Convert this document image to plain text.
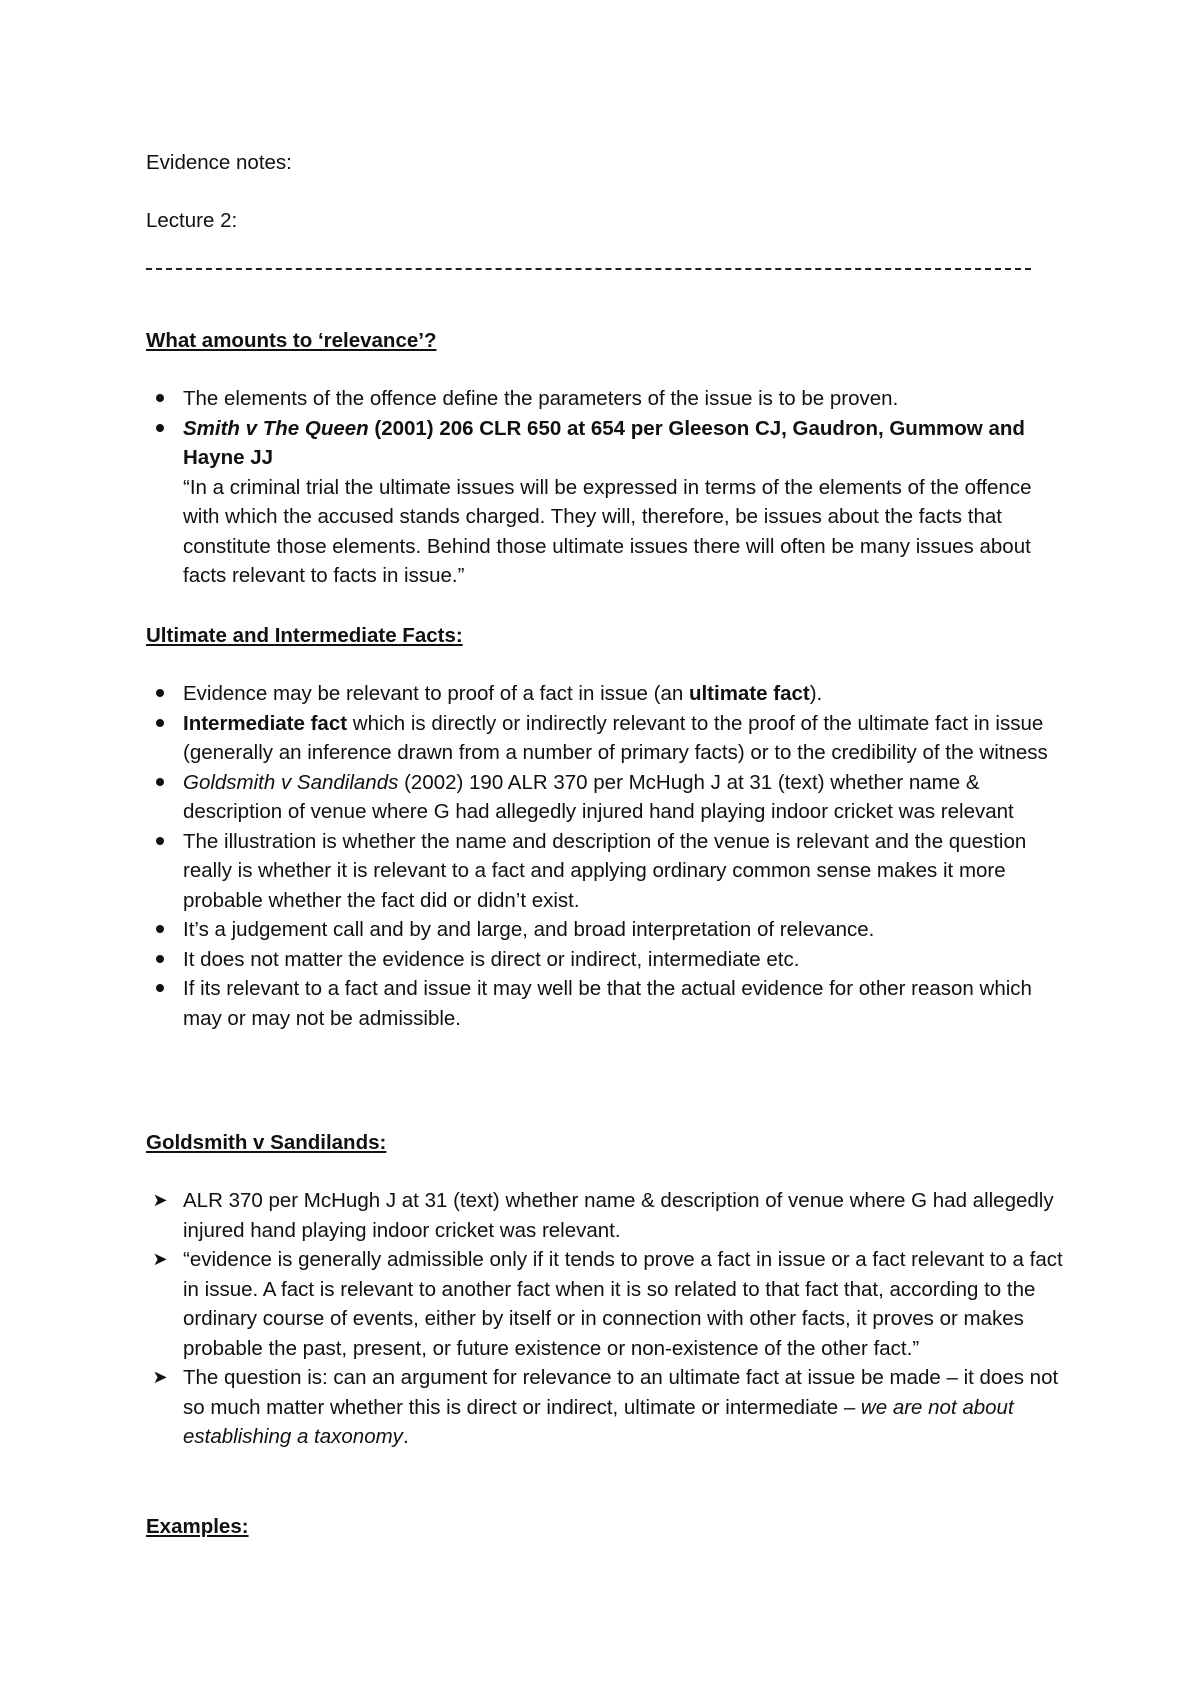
Evidence notes:
Lecture 2:
What amounts to ‘relevance’?
The elements of the offence define the parameters of the issue is to be proven.
Smith v The Queen (2001) 206 CLR 650 at 654 per Gleeson CJ, Gaudron, Gummow and Hayne JJ
“In a criminal trial the ultimate issues will be expressed in terms of the elements of the offence with which the accused stands charged. They will, therefore, be issues about the facts that constitute those elements. Behind those ultimate issues there will often be many issues about facts relevant to facts in issue.”
Ultimate and Intermediate Facts:
Evidence may be relevant to proof of a fact in issue (an ultimate fact).
Intermediate fact which is directly or indirectly relevant to the proof of the ultimate fact in issue (generally an inference drawn from a number of primary facts) or to the credibility of the witness
Goldsmith v Sandilands (2002) 190 ALR 370 per McHugh J at 31 (text) whether name & description of venue where G had allegedly injured hand playing indoor cricket was relevant
The illustration is whether the name and description of the venue is relevant and the question really is whether it is relevant to a fact and applying ordinary common sense makes it more probable whether the fact did or didn’t exist.
It’s a judgement call and by and large, and broad interpretation of relevance.
It does not matter the evidence is direct or indirect, intermediate etc.
If its relevant to a fact and issue it may well be that the actual evidence for other reason which may or may not be admissible.
Goldsmith v Sandilands:
➤ ALR 370 per McHugh J at 31 (text) whether name & description of venue where G had allegedly injured hand playing indoor cricket was relevant.
➤ “evidence is generally admissible only if it tends to prove a fact in issue or a fact relevant to a fact in issue. A fact is relevant to another fact when it is so related to that fact that, according to the ordinary course of events, either by itself or in connection with other facts, it proves or makes probable the past, present, or future existence or non-existence of the other fact.”
➤ The question is: can an argument for relevance to an ultimate fact at issue be made – it does not so much matter whether this is direct or indirect, ultimate or intermediate – we are not about establishing a taxonomy.
Examples:
